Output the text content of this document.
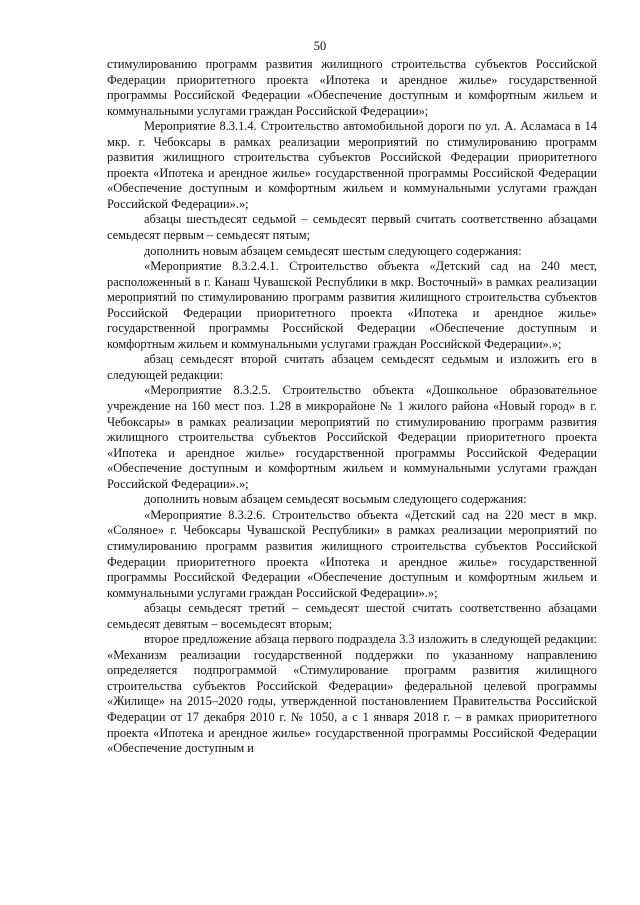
50

стимулированию программ развития жилищного строительства субъектов Российской Федерации приоритетного проекта «Ипотека и арендное жилье» государственной программы Российской Федерации «Обеспечение доступным и комфортным жильем и коммунальными услугами граждан Российской Федерации»;

Мероприятие 8.3.1.4. Строительство автомобильной дороги по ул. А. Асламаса в 14 мкр. г. Чебоксары в рамках реализации мероприятий по стимулированию программ развития жилищного строительства субъектов Российской Федерации приоритетного проекта «Ипотека и арендное жилье» государственной программы Российской Федерации «Обеспечение доступным и комфортным жильем и коммунальными услугами граждан Российской Федерации».»;

абзацы шестьдесят седьмой – семьдесят первый считать соответственно абзацами семьдесят первым – семьдесят пятым;

дополнить новым абзацем семьдесят шестым следующего содержания:

«Мероприятие 8.3.2.4.1. Строительство объекта «Детский сад на 240 мест, расположенный в г. Канаш Чувашской Республики в мкр. Восточный» в рамках реализации мероприятий по стимулированию программ развития жилищного строительства субъектов Российской Федерации приоритетного проекта «Ипотека и арендное жилье» государственной программы Российской Федерации «Обеспечение доступным и комфортным жильем и коммунальными услугами граждан Российской Федерации».»;

абзац семьдесят второй считать абзацем семьдесят седьмым и изложить его в следующей редакции:

«Мероприятие 8.3.2.5. Строительство объекта «Дошкольное образовательное учреждение на 160 мест поз. 1.28 в микрорайоне № 1 жилого района «Новый город» в г. Чебоксары» в рамках реализации мероприятий по стимулированию программ развития жилищного строительства субъектов Российской Федерации приоритетного проекта «Ипотека и арендное жилье» государственной программы Российской Федерации «Обеспечение доступным и комфортным жильем и коммунальными услугами граждан Российской Федерации».»;

дополнить новым абзацем семьдесят восьмым следующего содержания:

«Мероприятие 8.3.2.6. Строительство объекта «Детский сад на 220 мест в мкр. «Соляное» г. Чебоксары Чувашской Республики» в рамках реализации мероприятий по стимулированию программ развития жилищного строительства субъектов Российской Федерации приоритетного проекта «Ипотека и арендное жилье» государственной программы Российской Федерации «Обеспечение доступным и комфортным жильем и коммунальными услугами граждан Российской Федерации».»;

абзацы семьдесят третий – семьдесят шестой считать соответственно абзацами семьдесят девятым – восемьдесят вторым;

второе предложение абзаца первого подраздела 3.3 изложить в следующей редакции: «Механизм реализации государственной поддержки по указанному направлению определяется подпрограммой «Стимулирование программ развития жилищного строительства субъектов Российской Федерации» федеральной целевой программы «Жилище» на 2015–2020 годы, утвержденной постановлением Правительства Российской Федерации от 17 декабря 2010 г. № 1050, а с 1 января 2018 г. – в рамках приоритетного проекта «Ипотека и арендное жилье» государственной программы Российской Федерации «Обеспечение доступным и
